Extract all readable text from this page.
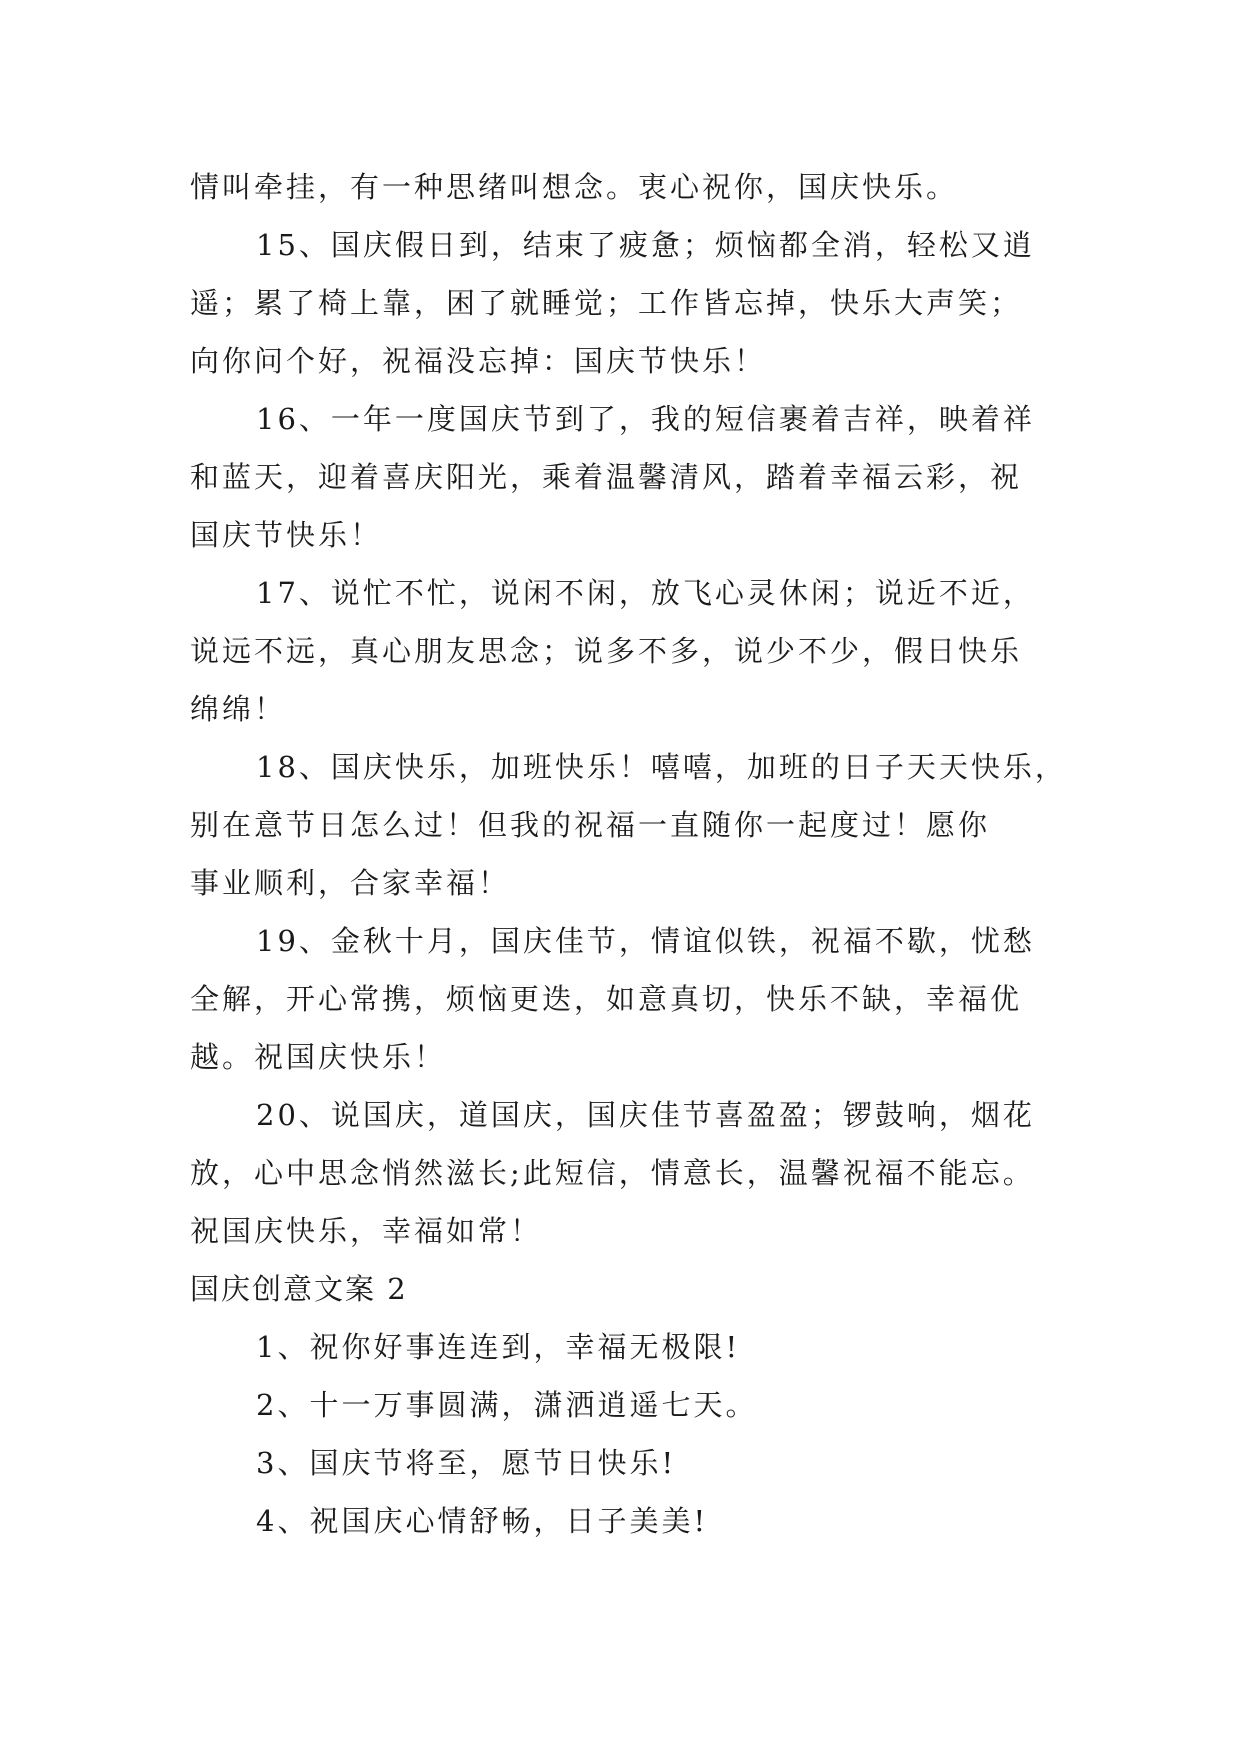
情叫牵挂，有一种思绪叫想念。衷心祝你，国庆快乐。
15、国庆假日到，结束了疲惫；烦恼都全消，轻松又逍
遥；累了椅上靠，困了就睡觉；工作皆忘掉，快乐大声笑；
向你问个好，祝福没忘掉：国庆节快乐！
16、一年一度国庆节到了，我的短信裹着吉祥，映着祥
和蓝天，迎着喜庆阳光，乘着温馨清风，踏着幸福云彩，祝
国庆节快乐！
17、说忙不忙，说闲不闲，放飞心灵休闲；说近不近，
说远不远，真心朋友思念；说多不多，说少不少，假日快乐
绵绵！
18、国庆快乐，加班快乐！嘻嘻，加班的日子天天快乐，
别在意节日怎么过！但我的祝福一直随你一起度过！愿你
事业顺利，合家幸福！
19、金秋十月，国庆佳节，情谊似铁，祝福不歇，忧愁
全解，开心常携，烦恼更迭，如意真切，快乐不缺，幸福优
越。祝国庆快乐！
20、说国庆，道国庆，国庆佳节喜盈盈；锣鼓响，烟花
放，心中思念悄然滋长;此短信，情意长，温馨祝福不能忘。
祝国庆快乐，幸福如常！
国庆创意文案 2
1、祝你好事连连到，幸福无极限!
2、十一万事圆满，潇洒逍遥七天。
3、国庆节将至，愿节日快乐!
4、祝国庆心情舒畅，日子美美!
